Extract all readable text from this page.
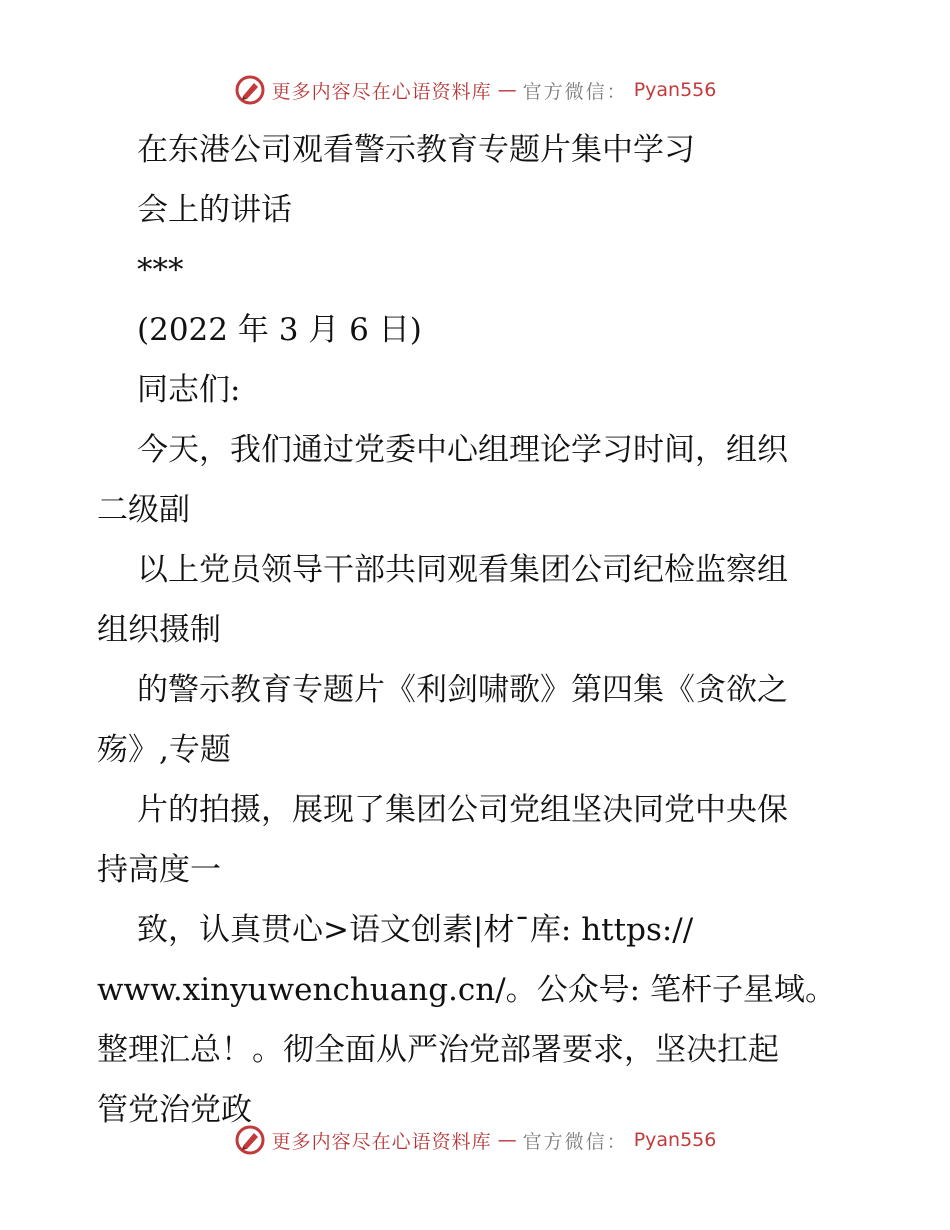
更多内容尽在心语资料库 — 官方微信： Pyan556
在东港公司观看警示教育专题片集中学习
会上的讲话
***
(2022 年 3 月 6 日)
同志们:
今天，我们通过党委中心组理论学习时间，组织
二级副
以上党员领导干部共同观看集团公司纪检监察组
组织摄制
的警示教育专题片《利剑啸歌》第四集《贪欲之
殇》,专题
片的拍摄，展现了集团公司党组坚决同党中央保
持高度一
致，认真贯心>语文创素|材¯库: https://
www.xinyuwenchuang.cn/。公众号: 笔杆子星域。
整理汇总！。彻全面从严治党部署要求，坚决扛起
管党治党政
更多内容尽在心语资料库 — 官方微信： Pyan556
